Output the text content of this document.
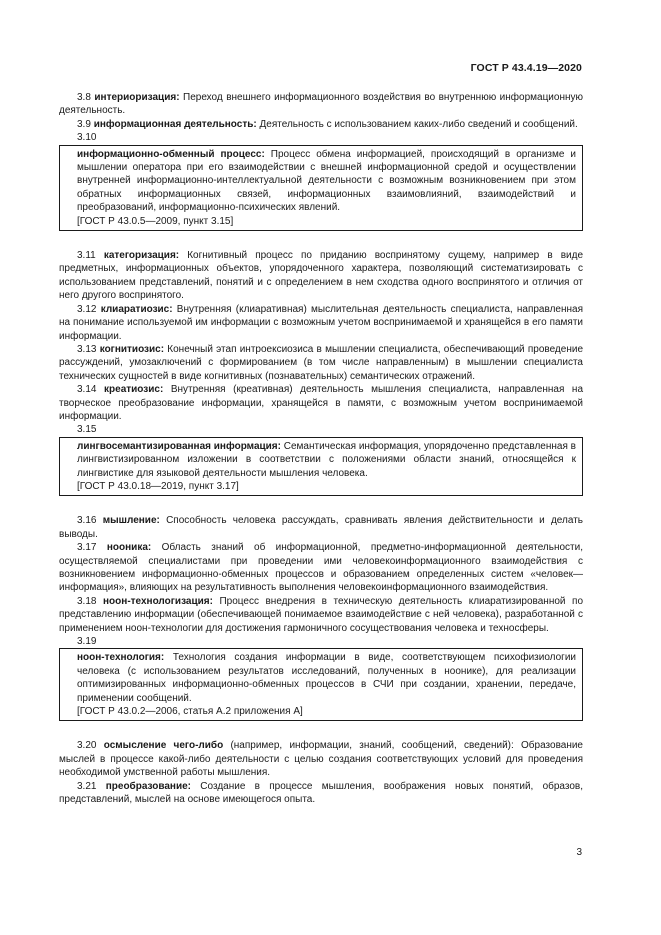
ГОСТ Р 43.4.19—2020

3.8 интериоризация: Переход внешнего информационного воздействия во внутреннюю информационную деятельность.

3.9 информационная деятельность: Деятельность с использованием каких-либо сведений и сообщений.

3.10

информационно-обменный процесс: Процесс обмена информацией, происходящий в организме и мышлении оператора при его взаимодействии с внешней информационной средой и осуществлении внутренней информационно-интеллектуальной деятельности с возможным возникновением при этом обратных информационных связей, информационных взаимовлияний, взаимодействий и преобразований, информационно-психических явлений.

[ГОСТ Р 43.0.5—2009, пункт 3.15]

3.11 категоризация: Когнитивный процесс по приданию воспринятому сущему, например в виде предметных, информационных объектов, упорядоченного характера, позволяющий систематизировать с использованием представлений, понятий и с определением в нем сходства одного воспринятого и отличия от него другого воспринятого.

3.12 клиаратиозис: Внутренняя (клиаративная) мыслительная деятельность специалиста, направленная на понимание используемой им информации с возможным учетом воспринимаемой и хранящейся в его памяти информации.

3.13 когнитиозис: Конечный этап интроексиозиса в мышлении специалиста, обеспечивающий проведение рассуждений, умозаключений с формированием (в том числе направленным) в мышлении специалиста технических сущностей в виде когнитивных (познавательных) семантических отражений.

3.14 креатиозис: Внутренняя (креативная) деятельность мышления специалиста, направленная на творческое преобразование информации, хранящейся в памяти, с возможным учетом воспринимаемой информации.

3.15

лингвосемантизированная информация: Семантическая информация, упорядоченно представленная в лингвистизированном изложении в соответствии с положениями области знаний, относящейся к лингвистике для языковой деятельности мышления человека.

[ГОСТ Р 43.0.18—2019, пункт 3.17]

3.16 мышление: Способность человека рассуждать, сравнивать явления действительности и делать выводы.

3.17 нооника: Область знаний об информационной, предметно-информационной деятельности, осуществляемой специалистами при проведении ими человекоинформационного взаимодействия с возникновением информационно-обменных процессов и образованием определенных систем «человек—информация», влияющих на результативность выполнения человекоинформационного взаимодействия.

3.18 ноон-технологизация: Процесс внедрения в техническую деятельность клиаратизированной по представлению информации (обеспечивающей понимаемое взаимодействие с ней человека), разработанной с применением ноон-технологии для достижения гармоничного сосуществования человека и техносферы.

3.19

ноон-технология: Технология создания информации в виде, соответствующем психофизиологии человека (с использованием результатов исследований, полученных в ноонике), для реализации оптимизированных информационно-обменных процессов в СЧИ при создании, хранении, передаче, применении сообщений.

[ГОСТ Р 43.0.2—2006, статья А.2 приложения А]

3.20 осмысление чего-либо (например, информации, знаний, сообщений, сведений): Образование мыслей в процессе какой-либо деятельности с целью создания соответствующих условий для проведения необходимой умственной работы мышления.

3.21 преобразование: Создание в процессе мышления, воображения новых понятий, образов, представлений, мыслей на основе имеющегося опыта.

3
